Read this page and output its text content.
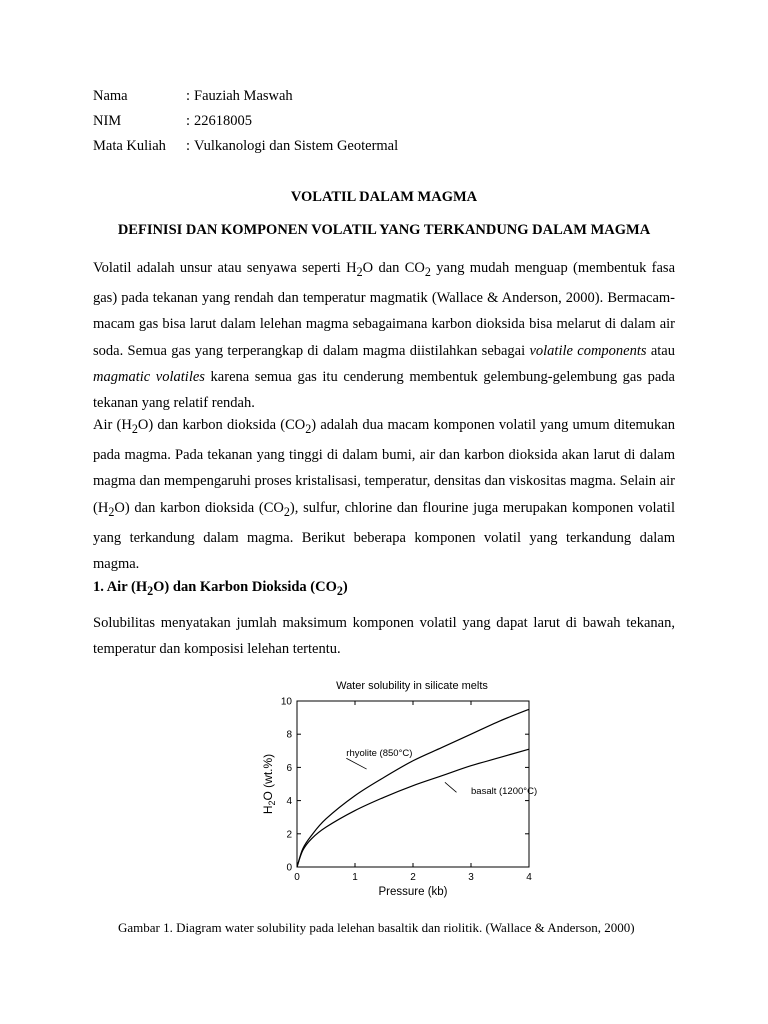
Nama	: Fauziah Maswah
NIM	: 22618005
Mata Kuliah : Vulkanologi dan Sistem Geotermal
VOLATIL DALAM MAGMA
DEFINISI DAN KOMPONEN VOLATIL YANG TERKANDUNG DALAM MAGMA
Volatil adalah unsur atau senyawa seperti $H_2O$ dan $CO_2$ yang mudah menguap (membentuk fasa gas) pada tekanan yang rendah dan temperatur magmatik (Wallace & Anderson, 2000). Bermacam-macam gas bisa larut dalam lelehan magma sebagaimana karbon dioksida bisa melarut di dalam air soda. Semua gas yang terperangkap di dalam magma diistilahkan sebagai volatile components atau magmatic volatiles karena semua gas itu cenderung membentuk gelembung-gelembung gas pada tekanan yang relatif rendah.
Air $(H_2O)$ dan karbon dioksida $(CO_2)$ adalah dua macam komponen volatil yang umum ditemukan pada magma. Pada tekanan yang tinggi di dalam bumi, air dan karbon dioksida akan larut di dalam magma dan mempengaruhi proses kristalisasi, temperatur, densitas dan viskositas magma. Selain air $(H_2O)$ dan karbon dioksida $(CO_2)$, sulfur, chlorine dan flourine juga merupakan komponen volatil yang terkandung dalam magma. Berikut beberapa komponen volatil yang terkandung dalam magma.
1. Air $(H_2O)$ dan Karbon Dioksida $(CO_2)$
Solubilitas menyatakan jumlah maksimum komponen volatil yang dapat larut di bawah tekanan, temperatur dan komposisi lelehan tertentu.
Water solubility in silicate melts
0
2
4
6
8
10
0	1	2	3	4
rhyolite (850°C)
basalt (1200°C)
Pressure (kb)
$H_2O$ (wt.%)
Gambar 1. Diagram water solubility pada lelehan basaltik dan riolitik. (Wallace & Anderson, 2000)
